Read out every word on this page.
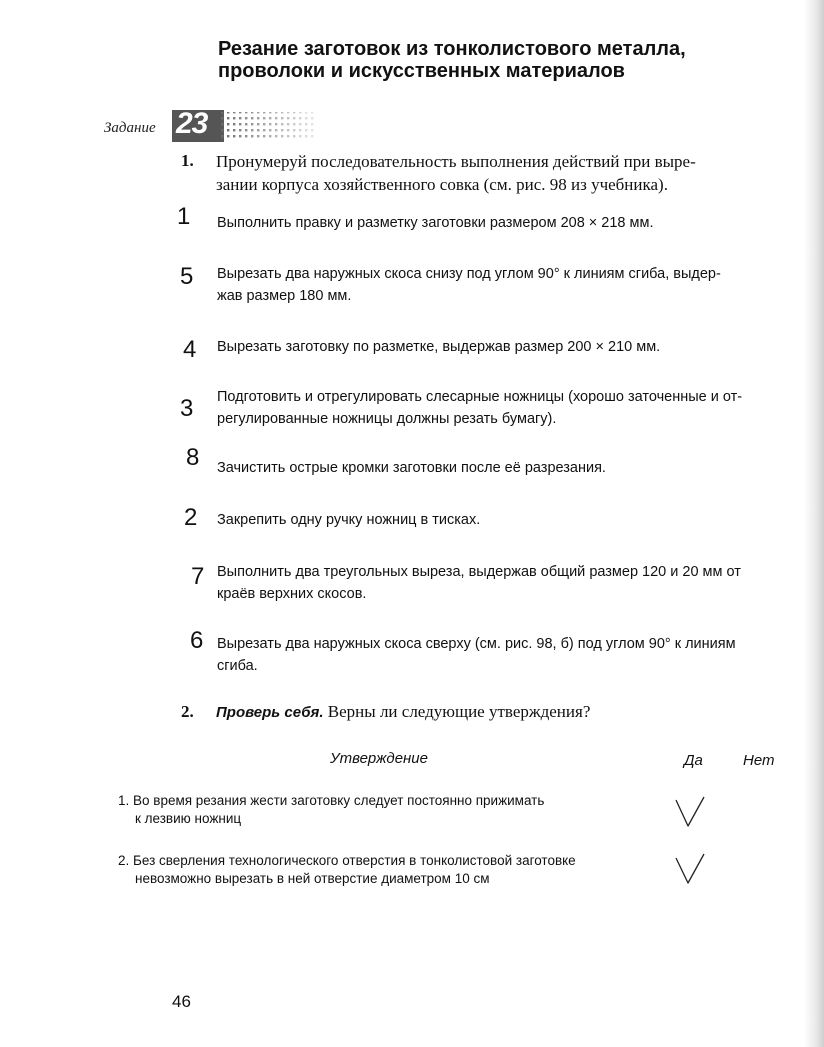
Резание заготовок из тонколистового металла,
проволоки и искусственных материалов
Задание 23
1. Пронумеруй последовательность выполнения действий при выре-
зании корпуса хозяйственного совка (см. рис. 98 из учебника).
1 Выполнить правку и разметку заготовки размером 208 × 218 мм.
5 Вырезать два наружных скоса снизу под углом 90° к линиям сгиба, выдер-
жав размер 180 мм.
4 Вырезать заготовку по разметке, выдержав размер 200 × 210 мм.
3 Подготовить и отрегулировать слесарные ножницы (хорошо заточенные и от-
регулированные ножницы должны резать бумагу).
8 Зачистить острые кромки заготовки после её разрезания.
2 Закрепить одну ручку ножниц в тисках.
7 Выполнить два треугольных выреза, выдержав общий размер 120 и 20 мм от
краёв верхних скосов.
6 Вырезать два наружных скоса сверху (см. рис. 98, б) под углом 90° к линиям
сгиба.
2. Проверь себя. Верны ли следующие утверждения?
Утверждение	Да	Нет
1. Во время резания жести заготовку следует постоянно прижимать
к лезвию ножниц
2. Без сверления технологического отверстия в тонколистовой заготовке
невозможно вырезать в ней отверстие диаметром 10 см
46
